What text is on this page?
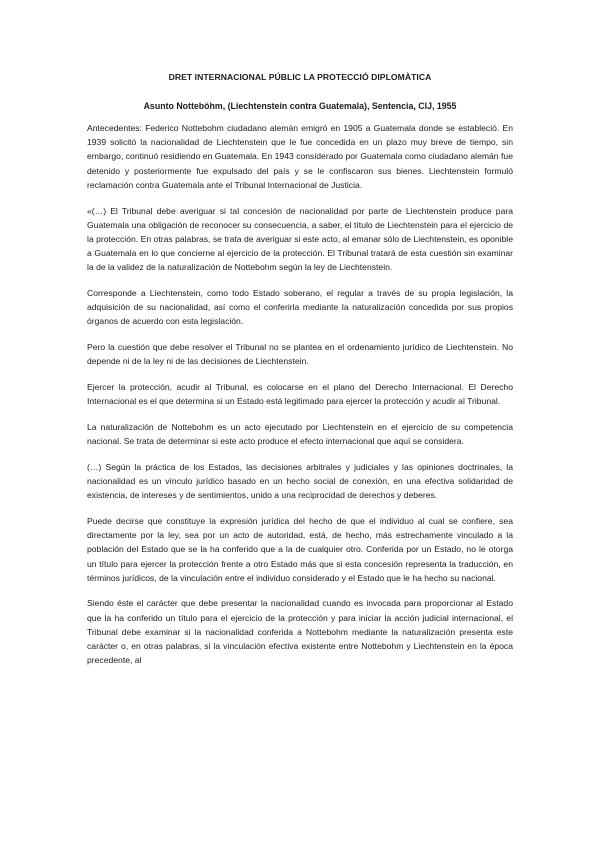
DRET INTERNACIONAL PÚBLIC LA PROTECCIÓ DIPLOMÀTICA
Asunto Nottebӧhm, (Liechtenstein contra Guatemala), Sentencia, CIJ, 1955

Antecedentes: Federico Nottebohm ciudadano alemán emigró en 1905 a Guatemala donde se estableció. En 1939 solicitó la nacionalidad de Liechtenstein que le fue concedida en un plazo muy breve de tiempo, sin embargo, continuó residiendo en Guatemala. En 1943 considerado por Guatemala como ciudadano alemán fue detenido y posteriormente fue expulsado del país y se le confiscaron sus bienes. Liechtenstein formuló reclamación contra Guatemala ante el Tribunal Internacional de Justicia.

«(…) El Tribunal debe averiguar si tal concesión de nacionalidad por parte de Liechtenstein produce para Guatemala una obligación de reconocer su consecuencia, a saber, el título de Liechtenstein para el ejercicio de la protección. En otras palabras, se trata de averiguar si este acto, al emanar sólo de Liechtenstein, es oponible a Guatemala en lo que concierne al ejercicio de la protección. El Tribunal tratará de esta cuestión sin examinar la de la validez de la naturalización de Nottebohm según la ley de Liechtenstein.

Corresponde a Liechtenstein, como todo Estado soberano, el regular a través de su propia legislación, la adquisición de su nacionalidad, así como el conferirla mediante la naturalización concedida por sus propios órganos de acuerdo con esta legislación.

Pero la cuestión que debe resolver el Tribunal no se plantea en el ordenamiento jurídico de Liechtenstein. No depende ni de la ley ni de las decisiones de Liechtenstein.

Ejercer la protección, acudir al Tribunal, es colocarse en el plano del Derecho Internacional. El Derecho Internacional es el que determina si un Estado está legitimado para ejercer la protección y acudir al Tribunal.

La naturalización de Nottebohm es un acto ejecutado por Liechtenstein en el ejercicio de su competencia nacional. Se trata de determinar si este acto produce el efecto internacional que aquí se considera.

(…) Según la práctica de los Estados, las decisiones arbitrales y judiciales y las opiniones doctrinales, la nacionalidad es un vínculo jurídico basado en un hecho social de conexión, en una efectiva solidaridad de existencia, de intereses y de sentimientos, unido a una reciprocidad de derechos y deberes.

Puede decirse que constituye la expresión jurídica del hecho de que el individuo al cual se confiere, sea directamente por la ley, sea por un acto de autoridad, está, de hecho, más estrechamente vinculado a la población del Estado que se la ha conferido que a la de cualquier otro. Conferida por un Estado, no le otorga un título para ejercer la protección frente a otro Estado más que si esta concesión representa la traducción, en términos jurídicos, de la vinculación entre el individuo considerado y el Estado que le ha hecho su nacional.

Siendo éste el carácter que debe presentar la nacionalidad cuando es invocada para proporcionar al Estado que la ha conferido un título para el ejercicio de la protección y para iniciar la acción judicial internacional, el Tribunal debe examinar si la nacionalidad conferida a Nottebohm mediante la naturalización presenta este carácter o, en otras palabras, si la vinculación efectiva existente entre Nottebohm y Liechtenstein en la época precedente, al
